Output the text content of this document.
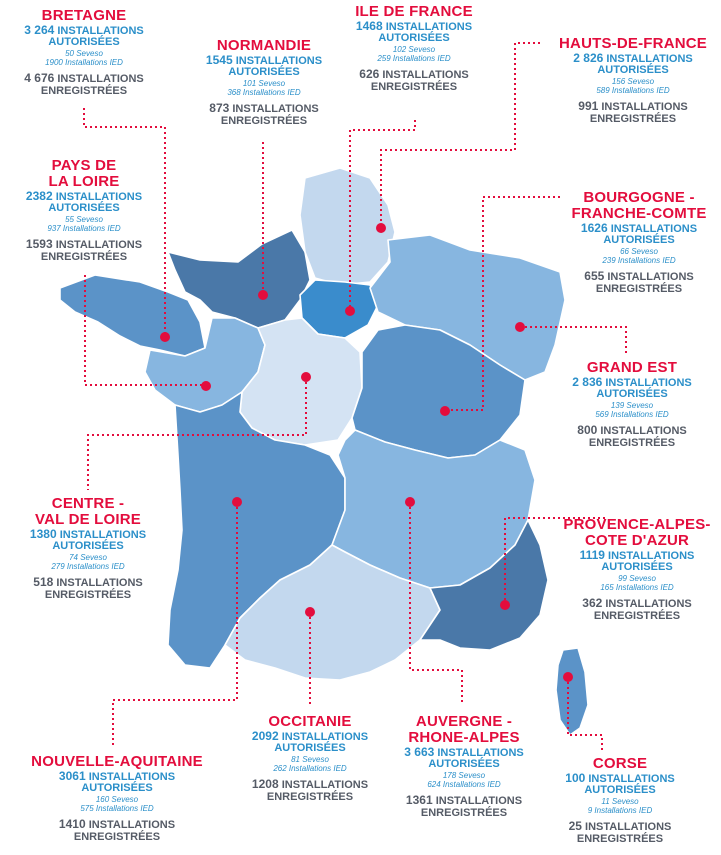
BRETAGNE
3 264 INSTALLATIONS
AUTORISÉES
50 Seveso
1900 Installations IED
4 676 INSTALLATIONS
ENREGISTRÉES
NORMANDIE
1545 INSTALLATIONS
AUTORISÉES
101 Seveso
368 Installations IED
873 INSTALLATIONS
ENREGISTRÉES
ILE DE FRANCE
1468 INSTALLATIONS
AUTORISÉES
102 Seveso
259 Installations IED
626 INSTALLATIONS
ENREGISTRÉES
HAUTS-DE-FRANCE
2 826 INSTALLATIONS
AUTORISÉES
156 Seveso
589 Installations IED
991 INSTALLATIONS
ENREGISTRÉES
PAYS DE
LA LOIRE
2382 INSTALLATIONS
AUTORISÉES
55 Seveso
937 Installations IED
1593 INSTALLATIONS
ENREGISTRÉES
BOURGOGNE -
FRANCHE-COMTE
1626 INSTALLATIONS
AUTORISÉES
66 Seveso
239 Installations IED
655 INSTALLATIONS
ENREGISTRÉES
GRAND EST
2 836 INSTALLATIONS
AUTORISÉES
139 Seveso
569 Installations IED
800 INSTALLATIONS
ENREGISTRÉES
CENTRE -
VAL DE LOIRE
1380 INSTALLATIONS
AUTORISÉES
74 Seveso
279 Installations IED
518 INSTALLATIONS
ENREGISTRÉES
PROVENCE-ALPES-
COTE D'AZUR
1119 INSTALLATIONS
AUTORISÉES
99 Seveso
165 Installations IED
362 INSTALLATIONS
ENREGISTRÉES
OCCITANIE
2092 INSTALLATIONS
AUTORISÉES
81 Seveso
262 Installations IED
1208 INSTALLATIONS
ENREGISTRÉES
AUVERGNE -
RHONE-ALPES
3 663 INSTALLATIONS
AUTORISÉES
178 Seveso
624 Installations IED
1361 INSTALLATIONS
ENREGISTRÉES
NOUVELLE-AQUITAINE
3061 INSTALLATIONS
AUTORISÉES
160 Seveso
575 Installations IED
1410 INSTALLATIONS
ENREGISTRÉES
CORSE
100 INSTALLATIONS
AUTORISÉES
11 Seveso
9 Installations IED
25 INSTALLATIONS
ENREGISTRÉES
